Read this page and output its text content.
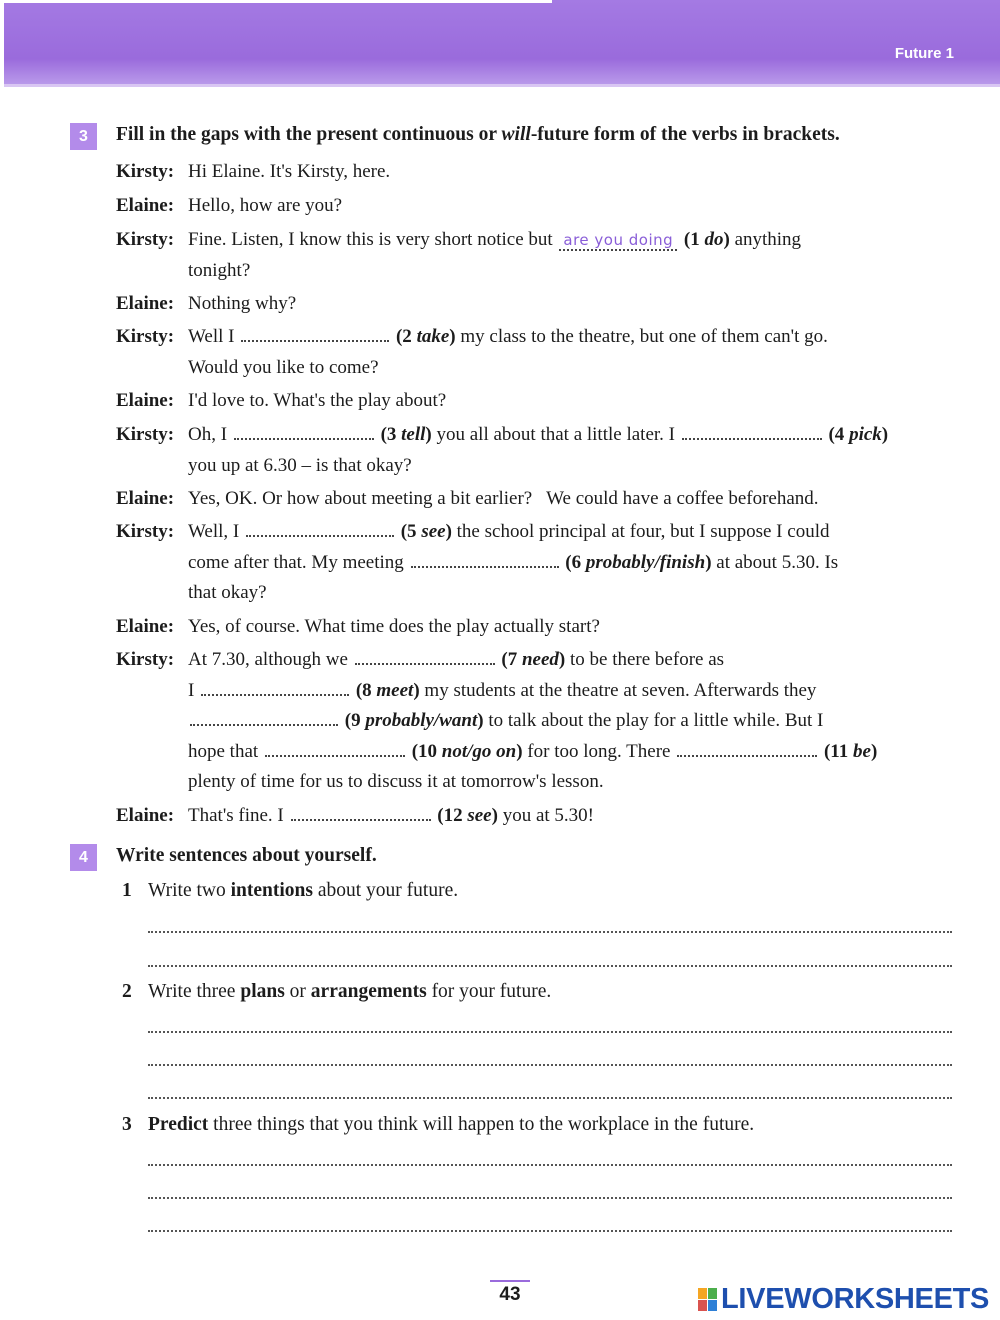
Future 1
3	Fill in the gaps with the present continuous or will-future form of the verbs in brackets.
Kirsty: Hi Elaine. It's Kirsty, here.
Elaine: Hello, how are you?
Kirsty: Fine. Listen, I know this is very short notice but are you doing (1 do) anything
tonight?
Elaine: Nothing why?
Kirsty: Well I	(2 take) my class to the theatre, but one of them can't go.
Would you like to come?
Elaine: I'd love to. What's the play about?
Kirsty: Oh, I	(3 tell) you all about that a little later. I	(4 pick)
you up at 6.30 – is that okay?
Elaine: Yes, OK. Or how about meeting a bit earlier?   We could have a coffee beforehand.
Kirsty: Well, I	(5 see) the school principal at four, but I suppose I could
come after that. My meeting	(6 probably/finish) at about 5.30. Is
that okay?
Elaine: Yes, of course. What time does the play actually start?
Kirsty: At 7.30, although we	(7 need) to be there before as
I	(8 meet) my students at the theatre at seven. Afterwards they
(9 probably/want) to talk about the play for a little while. But I
hope that	(10 not/go on) for too long. There	(11 be)
plenty of time for us to discuss it at tomorrow's lesson.
Elaine: That's fine. I	(12 see) you at 5.30!
4	Write sentences about yourself.
1 Write two intentions about your future.
2 Write three plans or arrangements for your future.
3 Predict three things that you think will happen to the workplace in the future.
43	LIVEWORKSHEETS
